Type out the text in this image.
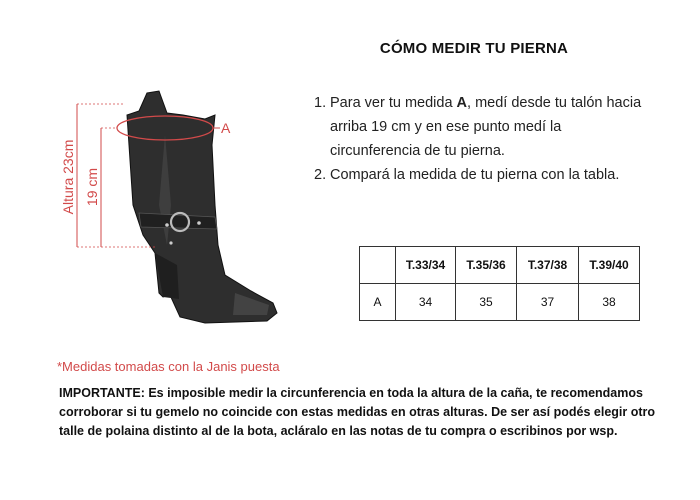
CÓMO MEDIR TU PIERNA
1. Para ver tu medida A, medí desde tu talón hacia arriba 19 cm y en ese punto medí la circunferencia de tu pierna.
2. Compará la medida de tu pierna con la tabla.
Altura 23cm 19 cm
A
	T.33/34	T.35/36	T.37/38	T.39/40
A	34	35	37	38
*Medidas tomadas con la Janis puesta
IMPORTANTE: Es imposible medir la circunferencia en toda la altura de la caña, te recomendamos corroborar si tu gemelo no coincide con estas medidas en otras alturas. De ser así podés elegir otro talle de polaina distinto al de la bota, acláralo en las notas de tu compra o escribinos por wsp.
